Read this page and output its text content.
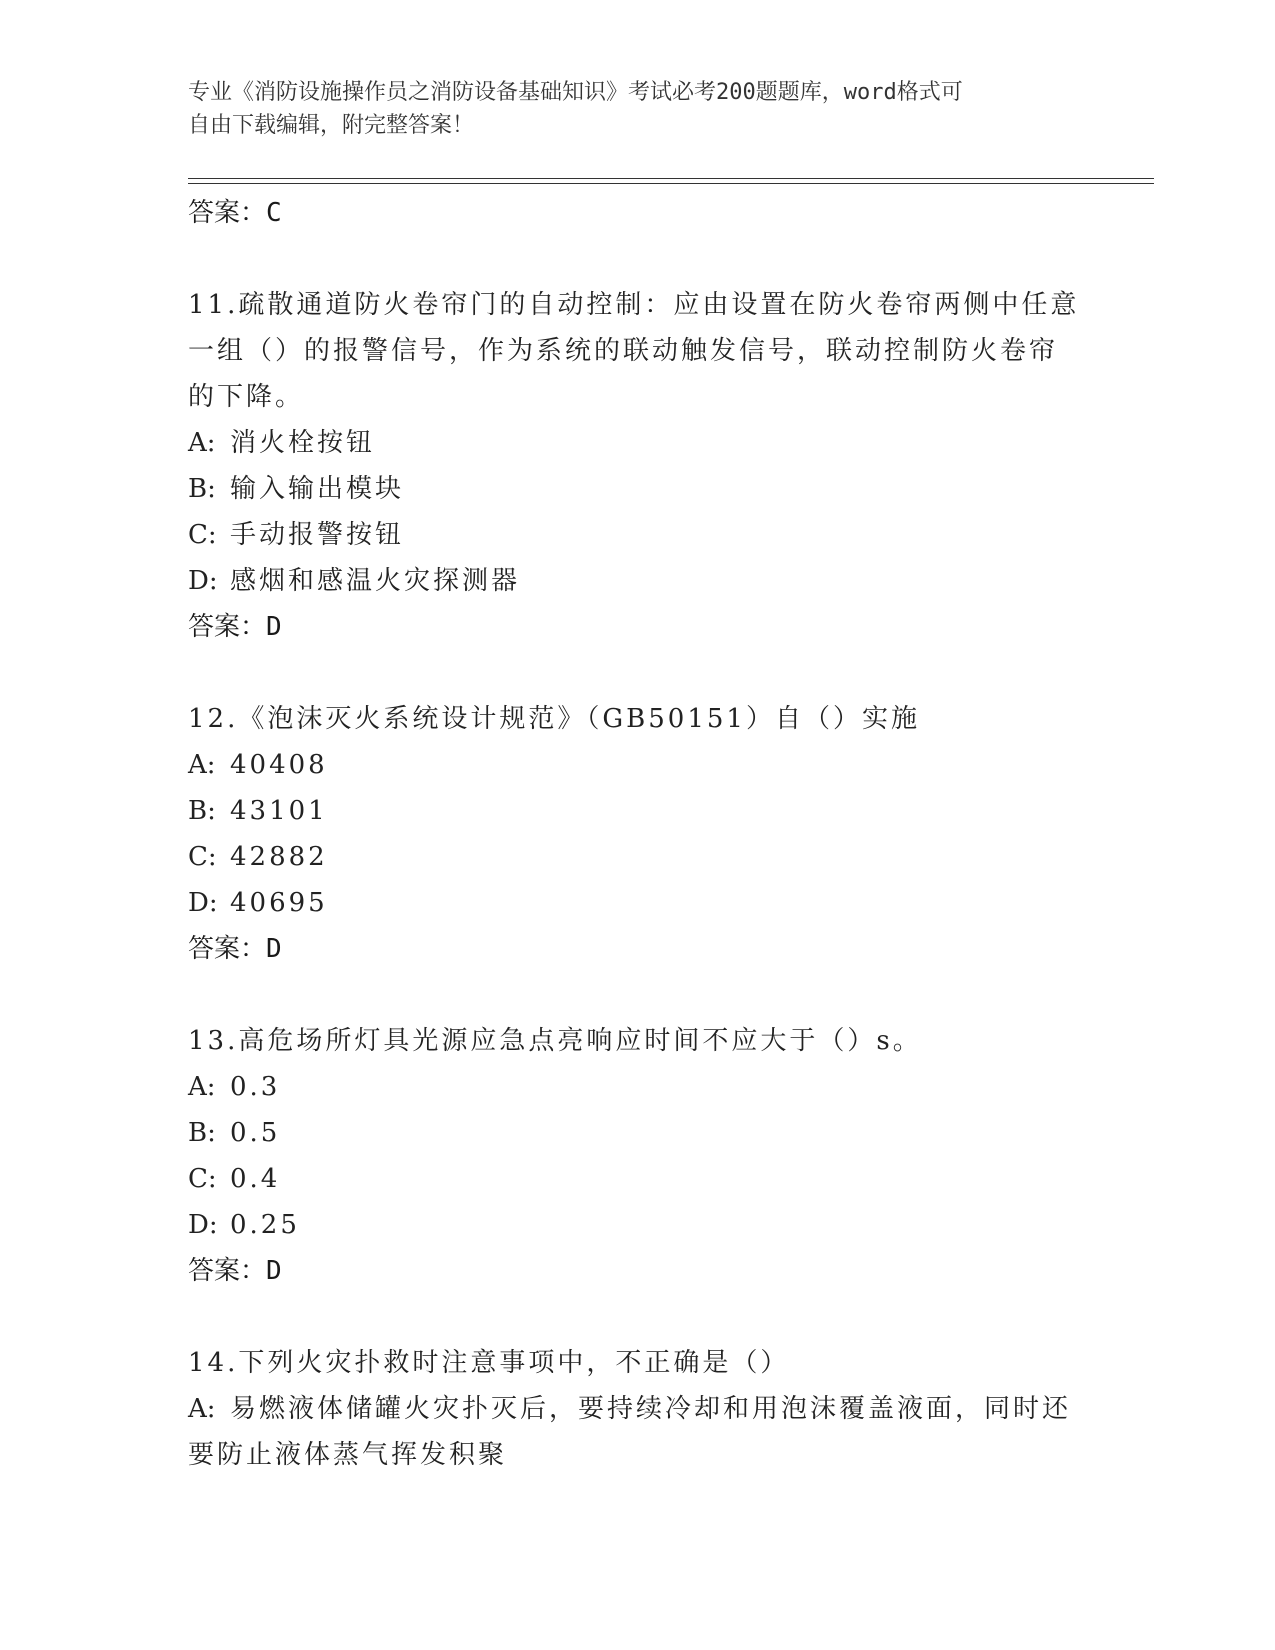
专业《消防设施操作员之消防设备基础知识》考试必考200题题库，word格式可
自由下载编辑，附完整答案！
答案：C
11.疏散通道防火卷帘门的自动控制：应由设置在防火卷帘两侧中任意
一组（）的报警信号，作为系统的联动触发信号，联动控制防火卷帘
的下降。
A: 消火栓按钮
B: 输入输出模块
C: 手动报警按钮
D: 感烟和感温火灾探测器
答案：D
12.《泡沫灭火系统设计规范》（GB50151）自（）实施
A: 40408
B: 43101
C: 42882
D: 40695
答案：D
13.高危场所灯具光源应急点亮响应时间不应大于（）s。
A: 0.3
B: 0.5
C: 0.4
D: 0.25
答案：D
14.下列火灾扑救时注意事项中，不正确是（）
A: 易燃液体储罐火灾扑灭后，要持续冷却和用泡沫覆盖液面，同时还
要防止液体蒸气挥发积聚
